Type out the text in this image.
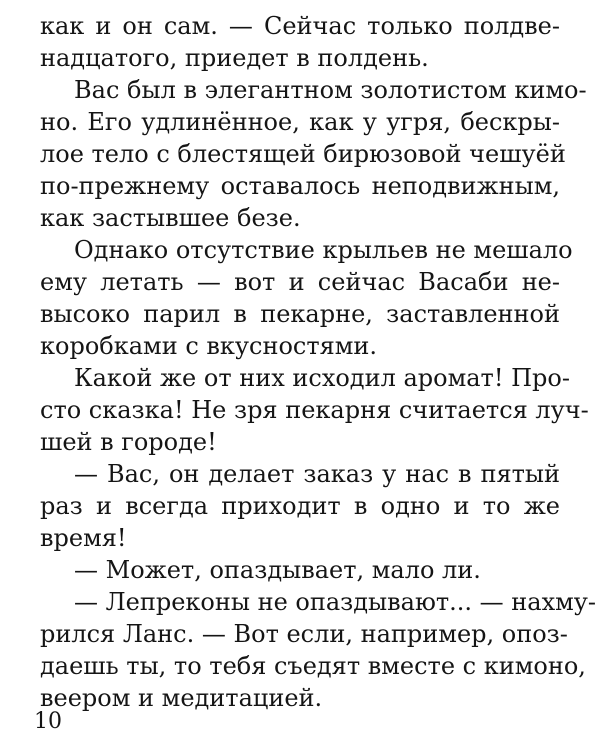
как и он сам. — Сейчас только полдве-
надцатого, приедет в полдень.
Вас был в элегантном золотистом кимо-
но. Его удлинённое, как у угря, бескры-
лое тело с блестящей бирюзовой чешуёй
по-прежнему оставалось неподвижным,
как застывшее безе.
Однако отсутствие крыльев не мешало
ему летать — вот и сейчас Васаби не-
высоко парил в пекарне, заставленной
коробками с вкусностями.
Какой же от них исходил аромат! Про-
сто сказка! Не зря пекарня считается луч-
шей в городе!
— Вас, он делает заказ у нас в пятый
раз и всегда приходит в одно и то же
время!
— Может, опаздывает, мало ли.
— Лепреконы не опаздывают... — нахму-
рился Ланс. — Вот если, например, опоз-
даешь ты, то тебя съедят вместе с кимоно,
веером и медитацией.
10
